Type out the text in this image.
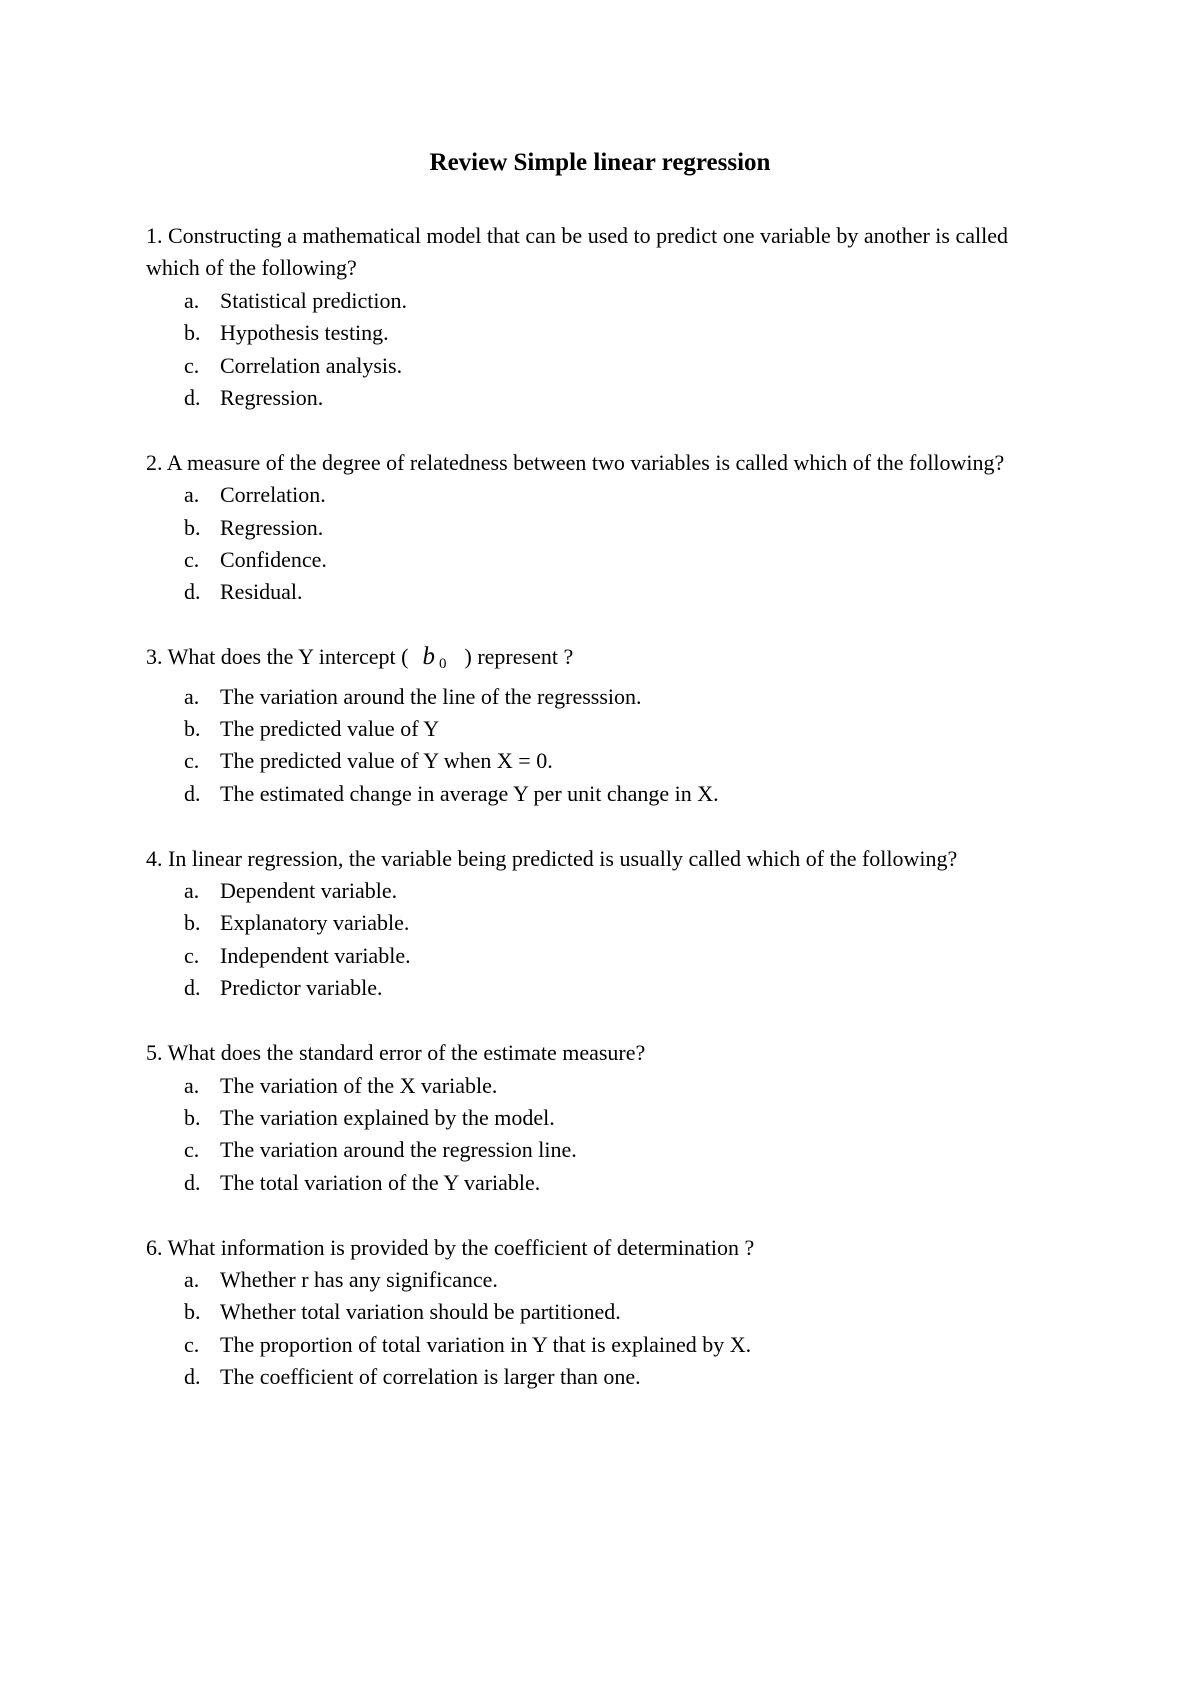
Review Simple linear regression

1. Constructing a mathematical model that can be used to predict one variable by another is called which of the following?

a. Statistical prediction.
b. Hypothesis testing.
c. Correlation analysis.
d. Regression.

2. A measure of the degree of relatedness between two variables is called which of the following?

a. Correlation.
b. Regression.
c. Confidence.
d. Residual.

3. What does the Y intercept ( b $_0$ ) represent ?

a. The variation around the line of the regresssion.
b. The predicted value of Y
c. The predicted value of Y when X = 0.
d. The estimated change in average Y per unit change in X.

4. In linear regression, the variable being predicted is usually called which of the following?

a. Dependent variable.
b. Explanatory variable.
c. Independent variable.
d. Predictor variable.

5. What does the standard error of the estimate measure?

a. The variation of the X variable.
b. The variation explained by the model.
c. The variation around the regression line.
d. The total variation of the Y variable.

6. What information is provided by the coefficient of determination ?

a. Whether r has any significance.
b. Whether total variation should be partitioned.
c. The proportion of total variation in Y that is explained by X.
d. The coefficient of correlation is larger than one.
